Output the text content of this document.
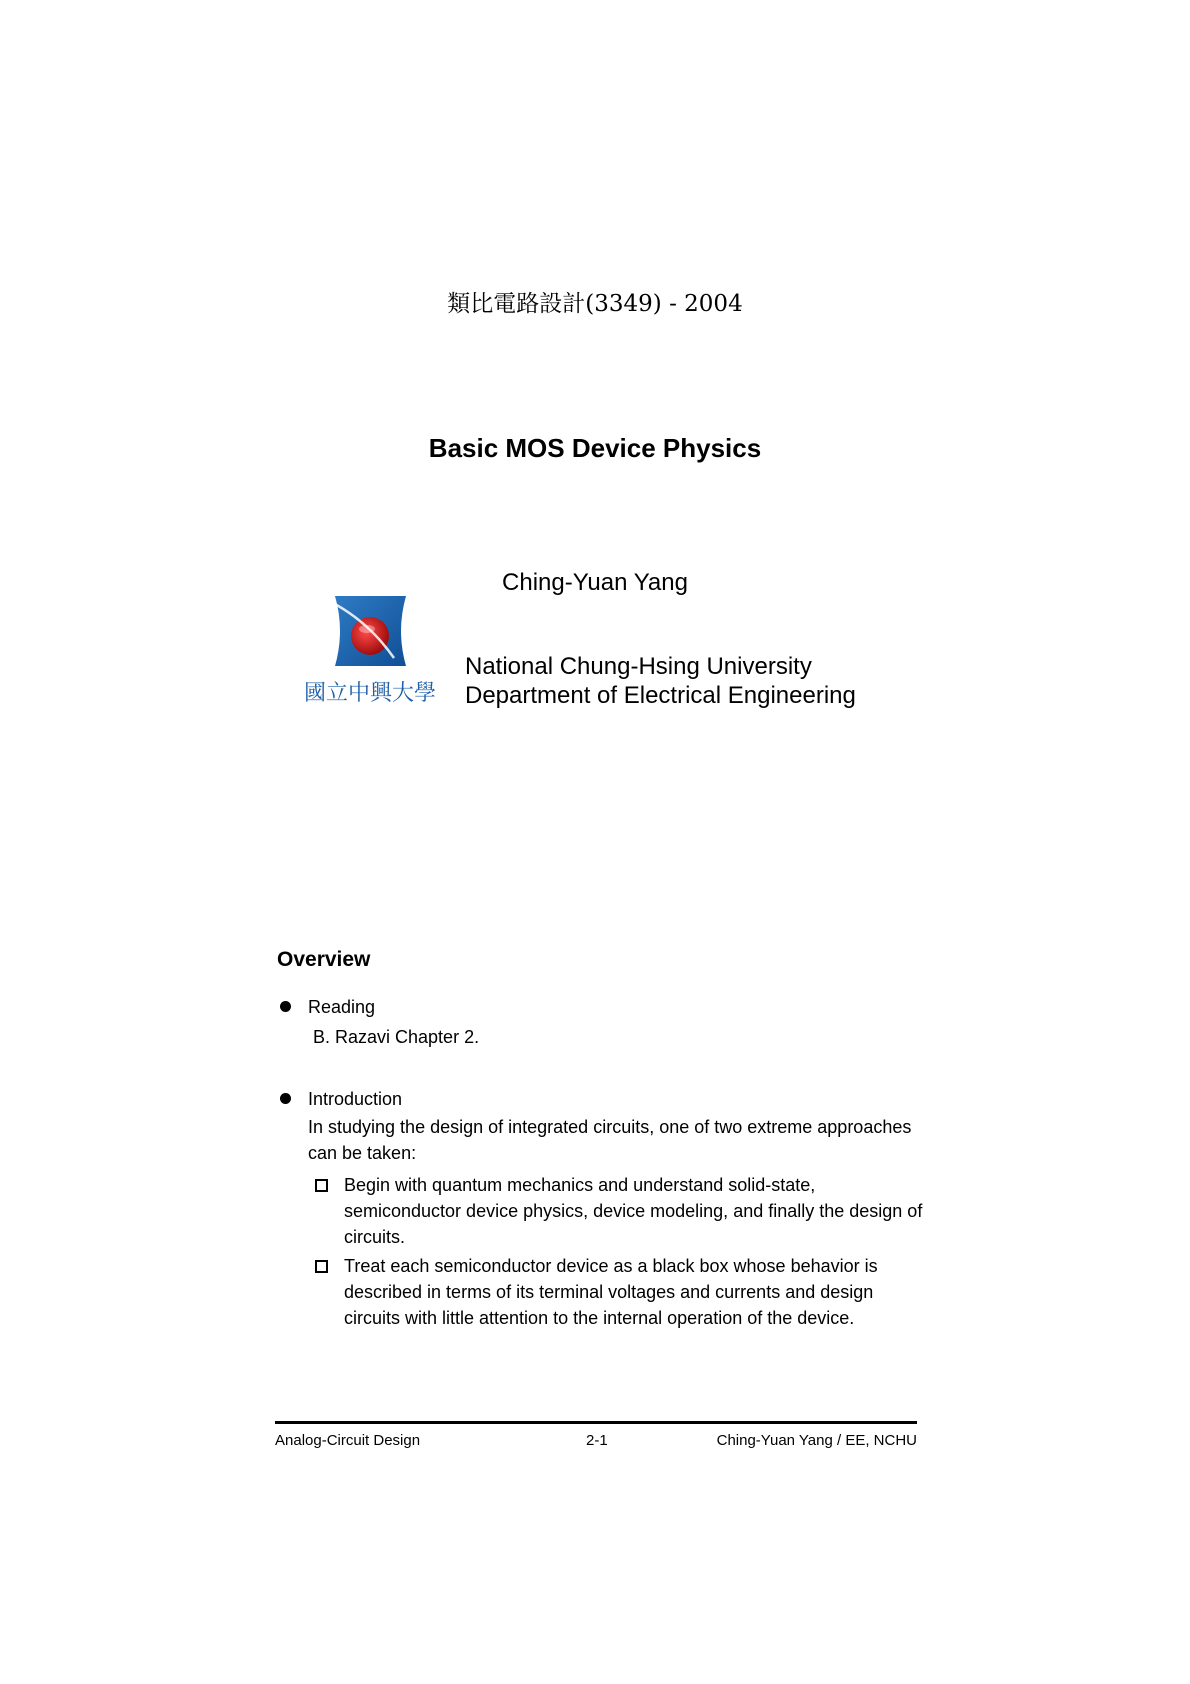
類比電路設計(3349) - 2004
Basic MOS Device Physics
Ching-Yuan Yang
國立中興大學
National Chung-Hsing University
Department of Electrical Engineering
Overview
Reading
B. Razavi Chapter 2.
Introduction
In studying the design of integrated circuits, one of two extreme approaches can be taken:
Begin with quantum mechanics and understand solid-state, semiconductor device physics, device modeling, and finally the design of circuits.
Treat each semiconductor device as a black box whose behavior is described in terms of its terminal voltages and currents and design circuits with little attention to the internal operation of the device.
Analog-Circuit Design	2-1	Ching-Yuan Yang / EE, NCHU
